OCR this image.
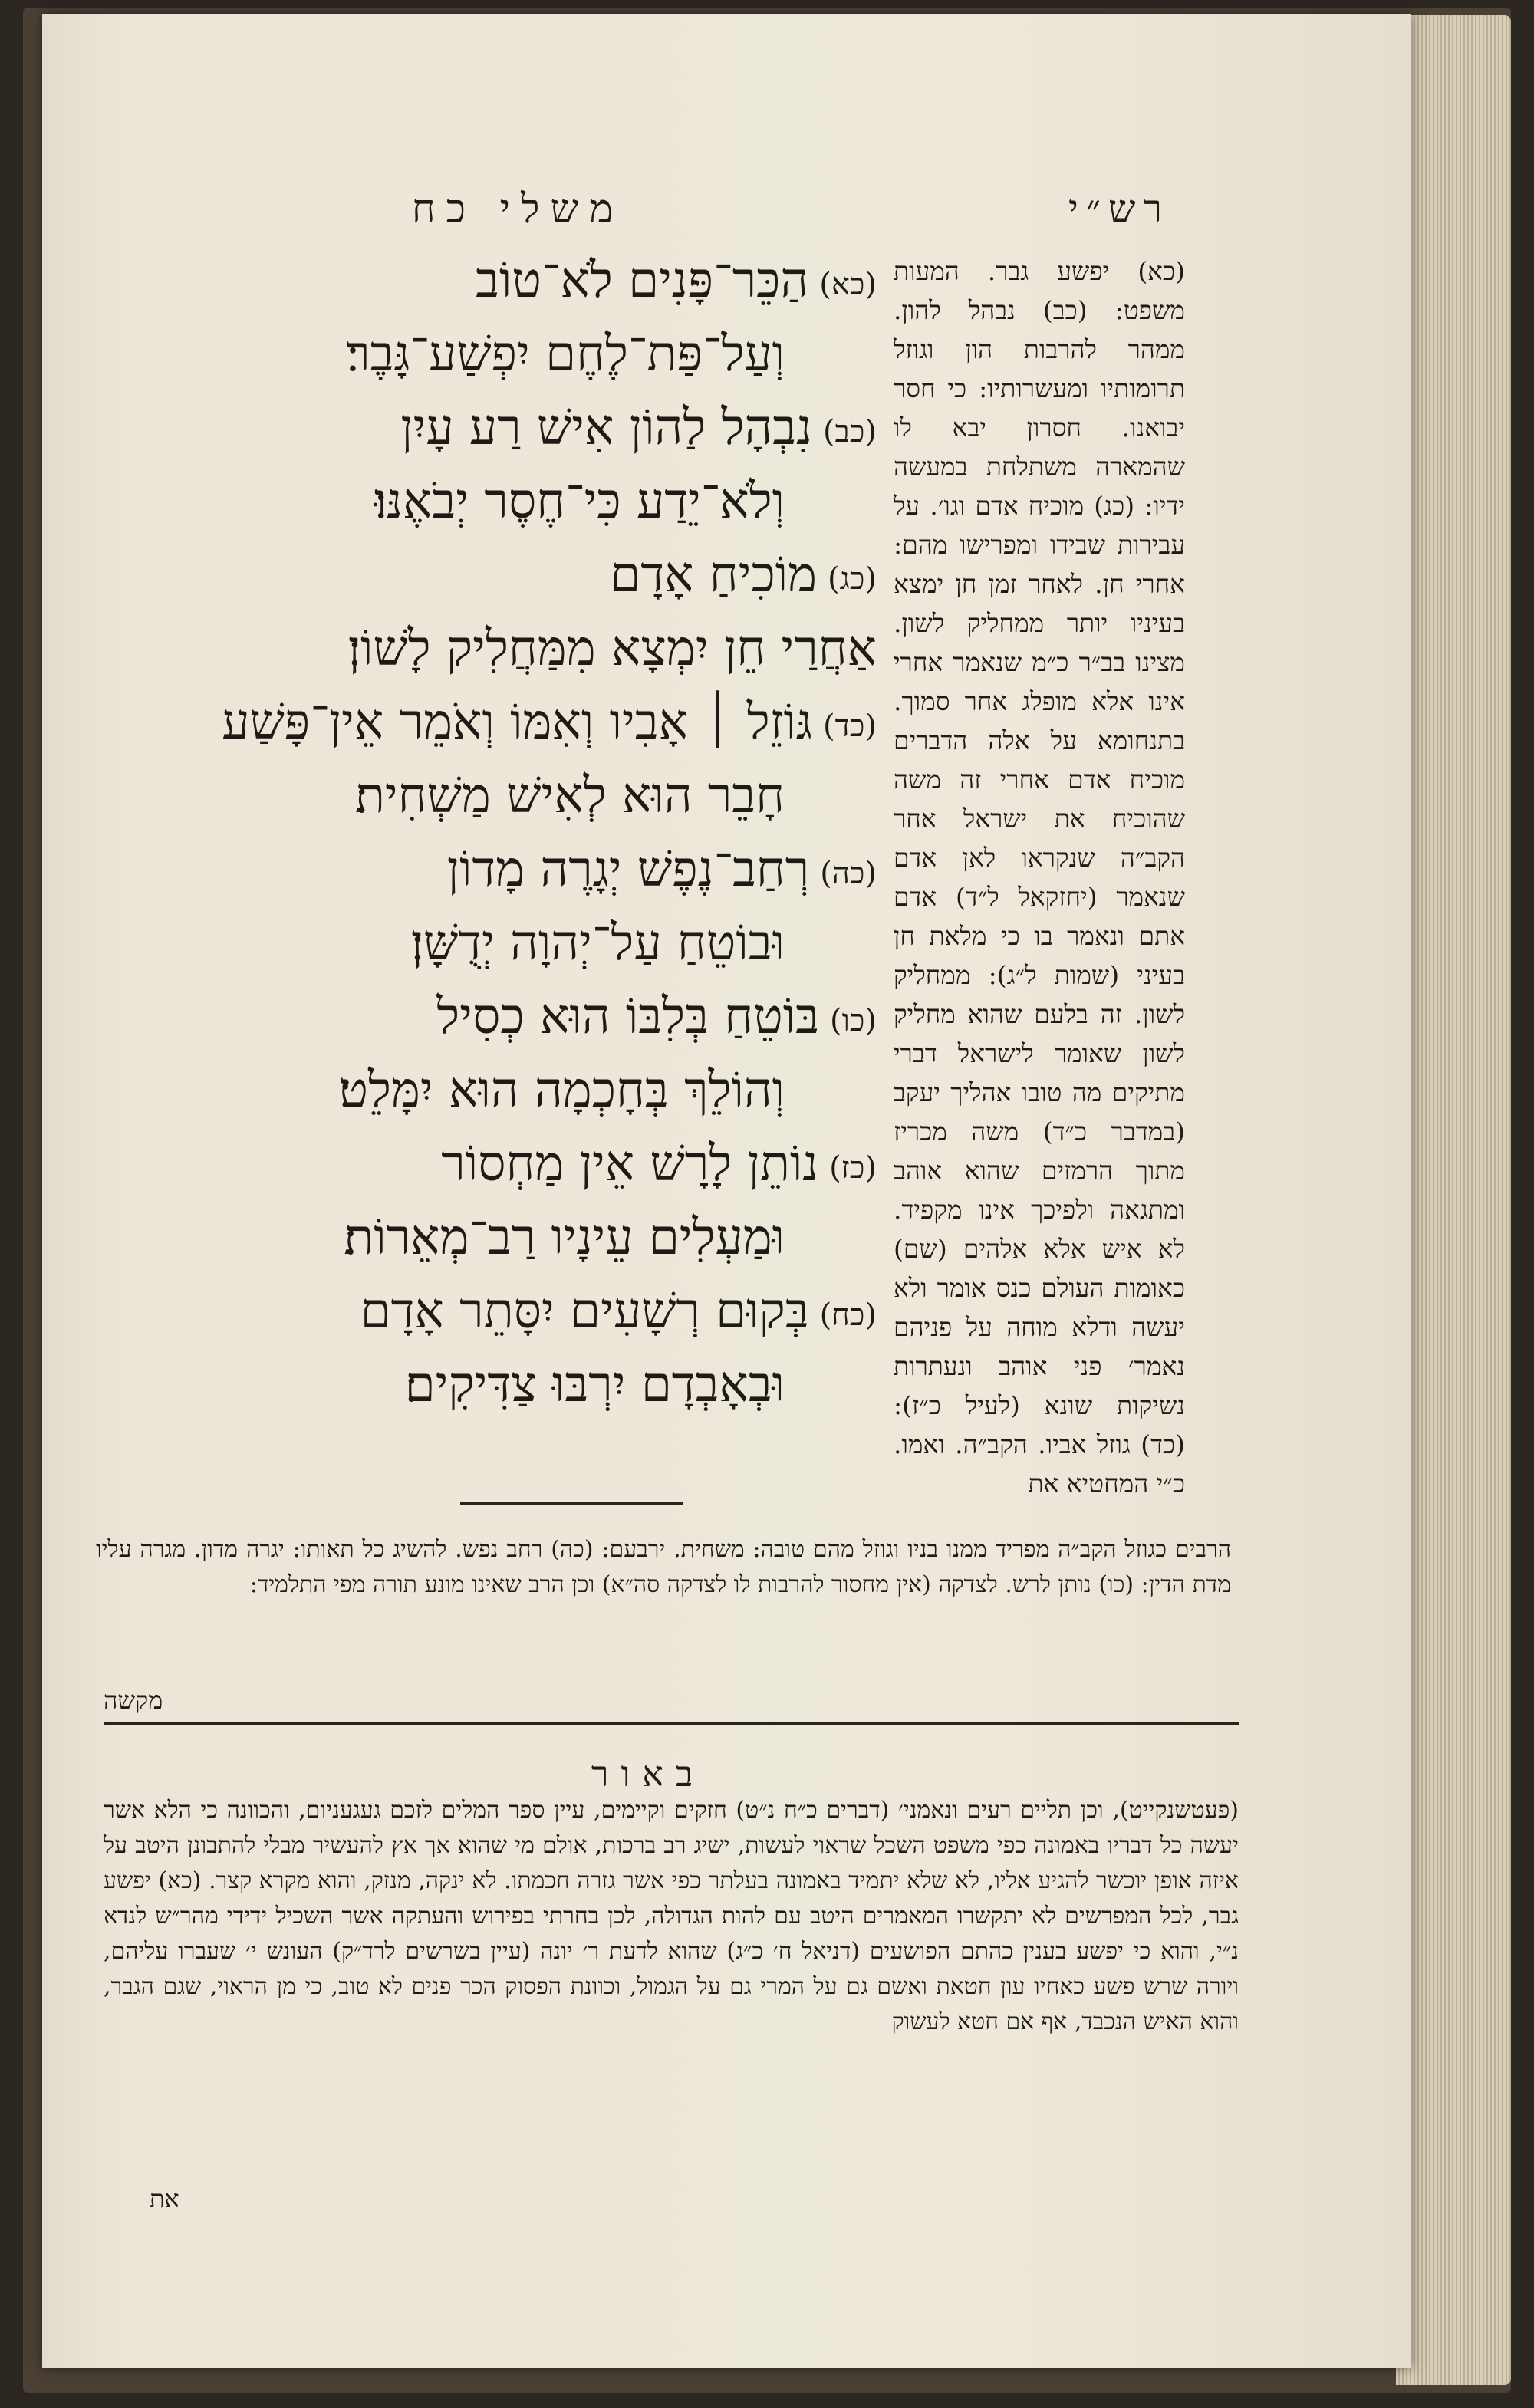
משלי כח	רש״י
(כא)הַכֵּר־פָּנִים לֹא־טוֹב
וְעַל־פַּת־לֶחֶם יִפְשַׁע־גָּבֶר׃
(כב)נִבְהָל לַהוֹן אִישׁ רַע עָיִן
וְלֹא־יֵדַע כִּי־חֶסֶר יְבֹאֶנּוּ׃
(כג)מוֹכִיחַ אָדָם
אַחֲרַי חֵן יִמְצָא מִמַּחֲלִיק לָשׁוֹן׃
(כד)גּוֹזֵל ׀ אָבִיו וְאִמּוֹ וְאֹמֵר אֵין־פָּשַׁע
חָבֵר הוּא לְאִישׁ מַשְׁחִית׃
(כה)רְחַב־נֶפֶשׁ יְגָרֶה מָדוֹן
וּבוֹטֵחַ עַל־יְהוָה יְדֻשָּׁן׃
(כו)בּוֹטֵחַ בְּלִבּוֹ הוּא כְסִיל
וְהוֹלֵךְ בְּחָכְמָה הוּא יִמָּלֵט׃
(כז)נוֹתֵן לָרָשׁ אֵין מַחְסוֹר
וּמַעְלִים עֵינָיו רַב־מְאֵרוֹת׃
(כח)בְּקוּם רְשָׁעִים יִסָּתֵר אָדָם
וּבְאָבְדָם יִרְבּוּ צַדִּיקִים׃
(כא) יפשע גבר. המעות משפט: (כב) נבהל להון. ממהר להרבות הון וגוזל תרומותיו ומעשרותיו: כי חסר יבואנו. חסרון יבא לו שהמארה משתלחת במעשה ידיו: (כג) מוכיח אדם וגו׳. על עבירות שבידו ומפרישו מהם: אחרי חן. לאחר זמן חן ימצא בעיניו יותר ממחליק לשון. מצינו בב״ר כ״מ שנאמר אחרי אינו אלא מופלג אחר סמוך. בתנחומא על אלה הדברים מוכיח אדם אחרי זה משה שהוכיח את ישראל אחר הקב״ה שנקראו לאן אדם שנאמר (יחזקאל ל״ד) אדם אתם ונאמר בו כי מלאת חן בעיני (שמות ל״ג): ממחליק לשון. זה בלעם שהוא מחליק לשון שאומר לישראל דברי מתיקים מה טובו אהליך יעקב (במדבר כ״ד) משה מכריז מתוך הרמזים שהוא אוהב ומתגאה ולפיכך אינו מקפיד. לא איש אלא אלהים (שם) כאומות העולם כנס אומר ולא יעשה ודלא מוחה על פניהם נאמר׳ פני אוהב ונעתרות נשיקות שונא (לעיל כ״ז): (כד) גוזל אביו. הקב״ה. ואמו. כ״י המחטיא את
הרבים כגוזל הקב״ה מפריד ממנו בניו וגוזל מהם טובה: משחית. ירבעם: (כה) רחב נפש. להשיג כל תאותו: יגרה מדון. מגרה עליו מדת הדין: (כו) נותן לרש. לצדקה (אין מחסור להרבות לו לצדקה סה״א) וכן הרב שאינו מונע תורה מפי התלמיד:
מקשה
באור
(פעטשנקייט), וכן תליים רעים ונאמני׳ (דברים כ״ח נ״ט) חזקים וקיימים, עיין ספר המלים לזכם געגעניום, והכוונה כי הלא אשר יעשה כל דבריו באמונה כפי משפט השכל שראוי לעשות, ישיג רב ברכות, אולם מי שהוא אך אץ להעשיר מבלי להתבונן היטב על איזה אופן יוכשר להגיע אליו, לא שלא יתמיד באמונה בעלתר כפי אשר גזרה חכמתו. לא ינקה, מנזק, והוא מקרא קצר. (כא) יפשע גבר, לכל המפרשים לא יתקשרו המאמרים היטב עם להות הגדולה, לכן בחרתי בפירוש והעתקה אשר השכיל ידידי מהר״ש לנדא נ״י, והוא כי יפשע בענין כהתם הפושעים (דניאל ח׳ כ״ג) שהוא לדעת ר׳ יונה (עיין בשרשים לרד״ק) העונש י׳ שעברו עליהם, ויורה שרש פשע כאחיו עון חטאת ואשם גם על המרי גם על הגמול, וכוונת הפסוק הכר פנים לא טוב, כי מן הראוי, שגם הגבר, והוא האיש הנכבד, אף אם חטא לעשוק
את
